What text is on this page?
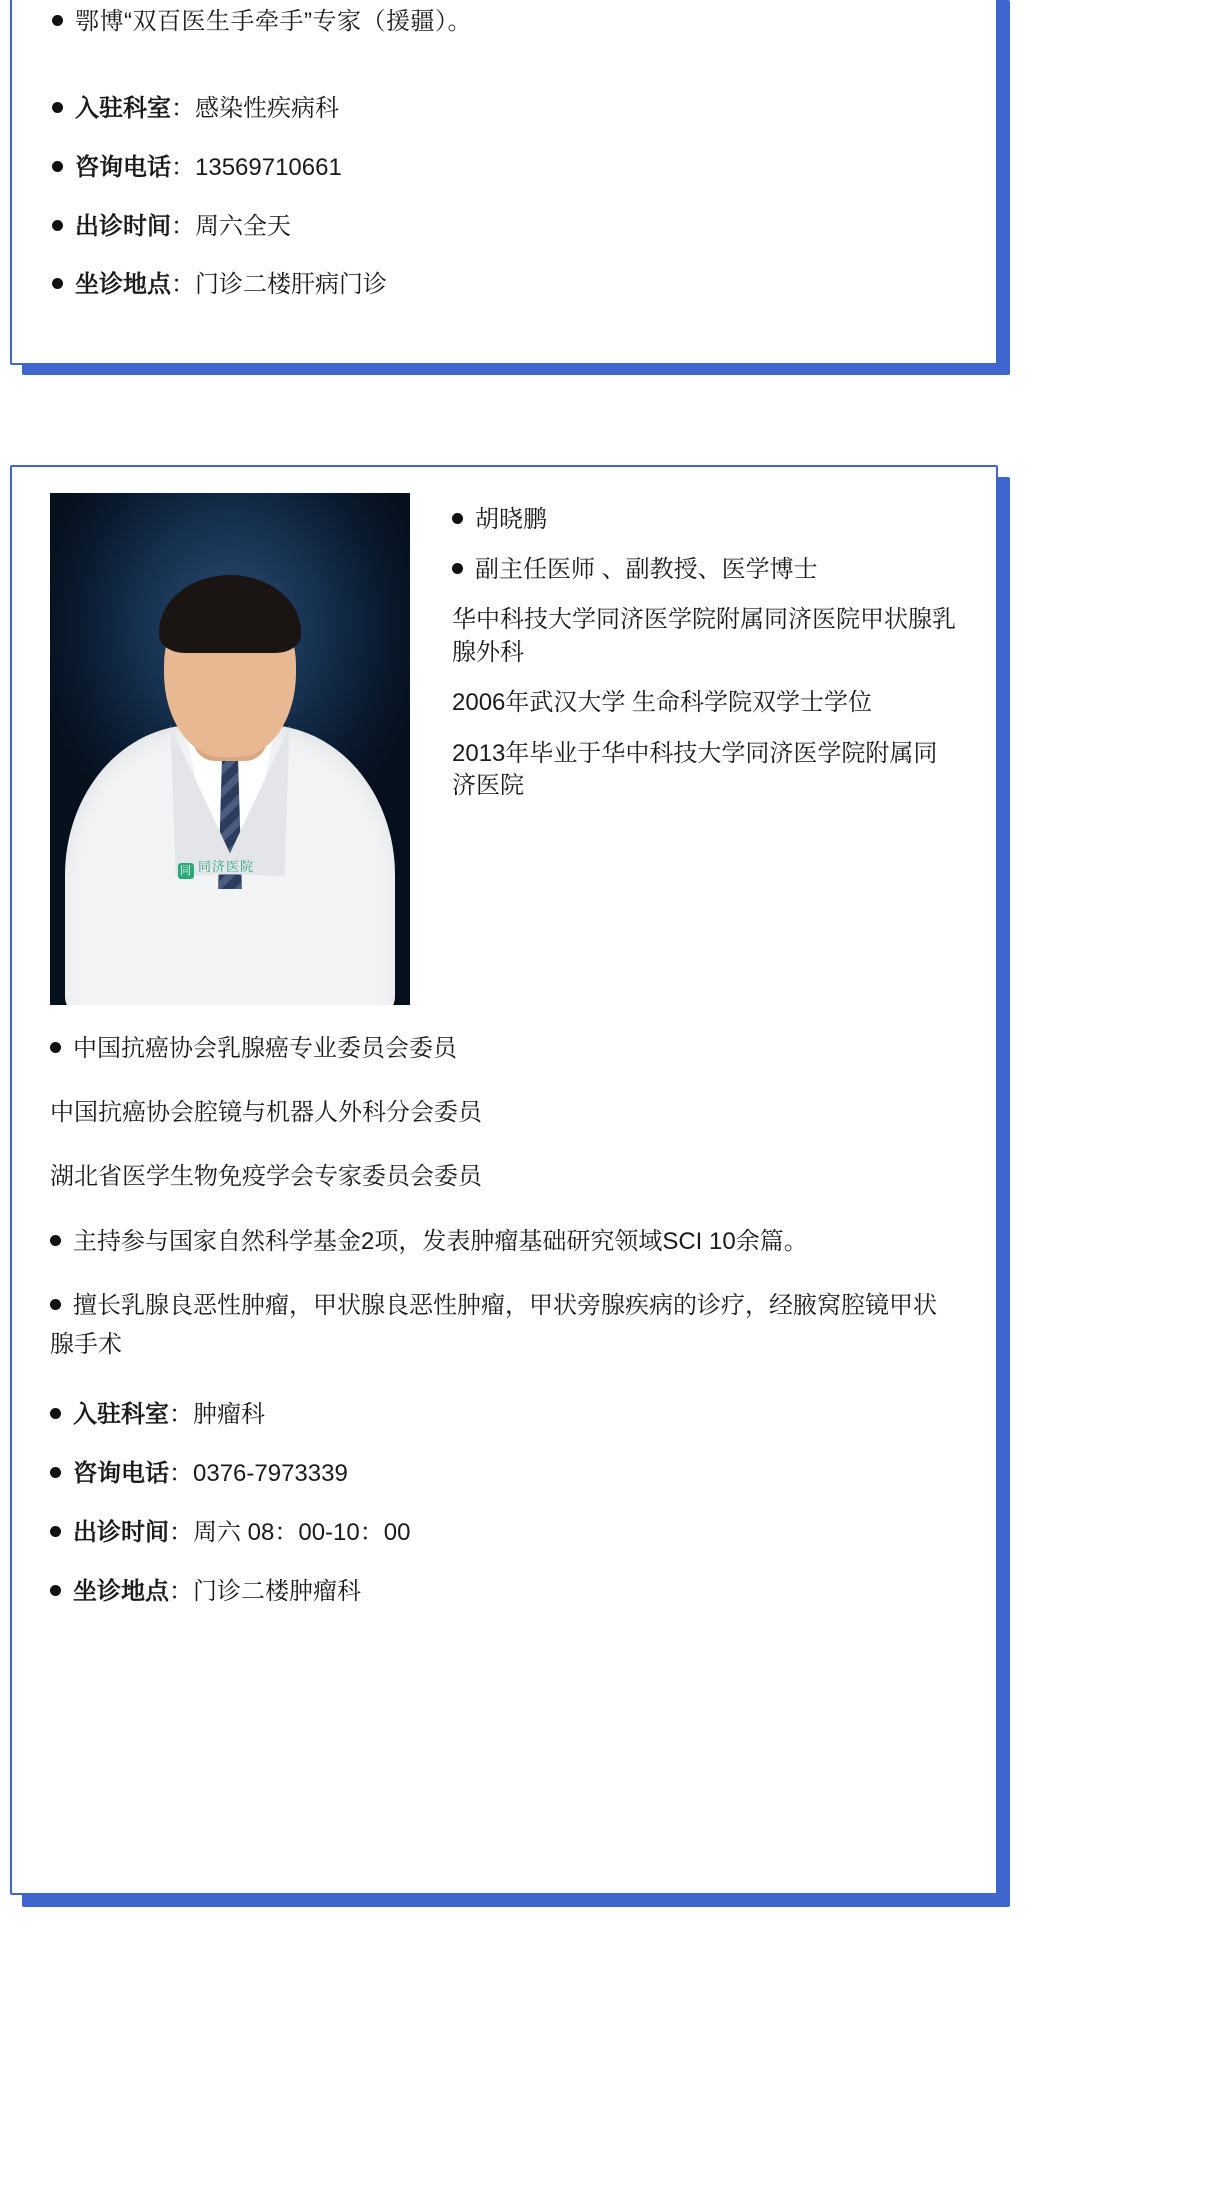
鄂博“双百医生手牵手”专家（援疆）。

入驻科室：感染性疾病科

咨询电话：13569710661

出诊时间：周六全天

坐诊地点：门诊二楼肝病门诊

同 同济医院

胡晓鹏

副主任医师 、副教授、医学博士

华中科技大学同济医学院附属同济医院甲状腺乳腺外科

2006年武汉大学 生命科学院双学士学位

2013年毕业于华中科技大学同济医学院附属同济医院

中国抗癌协会乳腺癌专业委员会委员

中国抗癌协会腔镜与机器人外科分会委员

湖北省医学生物免疫学会专家委员会委员

主持参与国家自然科学基金2项，发表肿瘤基础研究领域SCI 10余篇。

擅长乳腺良恶性肿瘤，甲状腺良恶性肿瘤，甲状旁腺疾病的诊疗，经腋窝腔镜甲状腺手术

入驻科室：肿瘤科

咨询电话：0376-7973339

出诊时间：周六 08：00-10：00

坐诊地点：门诊二楼肿瘤科
